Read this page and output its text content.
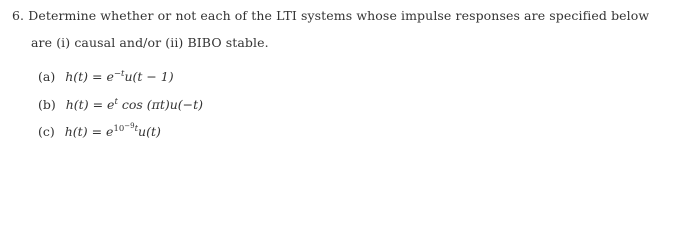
6. Determine whether or not each of the LTI systems whose impulse responses are specified below
are (i) causal and/or (ii) BIBO stable.
(a) $h(t) = e^{-t}u(t - 1)$
(b) $h(t) = e^t$ cos (πt)u(−t)
(c) $h(t) = e^{10^{-9}t}u(t)$
